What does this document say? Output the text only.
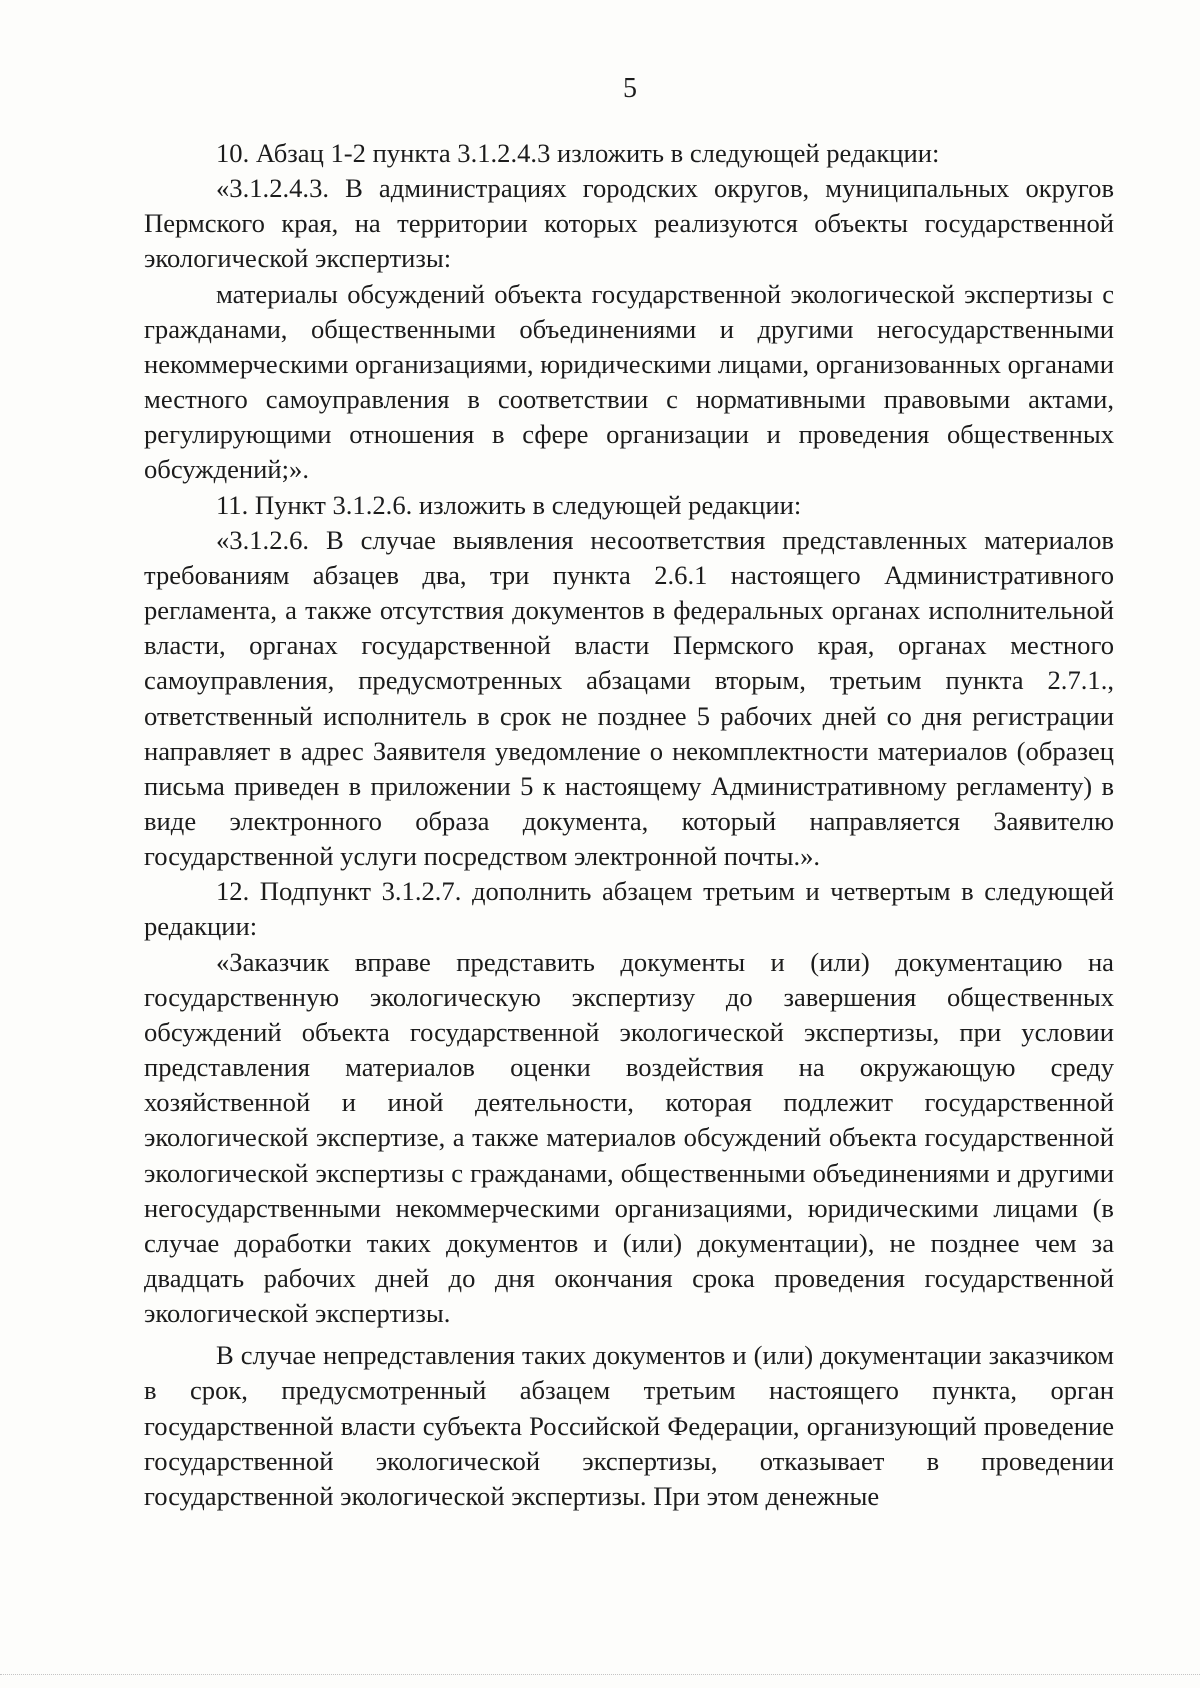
5

10. Абзац 1-2 пункта 3.1.2.4.3 изложить в следующей редакции:

«3.1.2.4.3. В администрациях городских округов, муниципальных округов Пермского края, на территории которых реализуются объекты государственной экологической экспертизы:

материалы обсуждений объекта государственной экологической экспертизы с гражданами, общественными объединениями и другими негосударственными некоммерческими организациями, юридическими лицами, организованных органами местного самоуправления в соответствии с нормативными правовыми актами, регулирующими отношения в сфере организации и проведения общественных обсуждений;».

11. Пункт 3.1.2.6. изложить в следующей редакции:

«3.1.2.6. В случае выявления несоответствия представленных материалов требованиям абзацев два, три пункта 2.6.1 настоящего Административного регламента, а также отсутствия документов в федеральных органах исполнительной власти, органах государственной власти Пермского края, органах местного самоуправления, предусмотренных абзацами вторым, третьим пункта 2.7.1., ответственный исполнитель в срок не позднее 5 рабочих дней со дня регистрации направляет в адрес Заявителя уведомление о некомплектности материалов (образец письма приведен в приложении 5 к настоящему Административному регламенту) в виде электронного образа документа, который направляется Заявителю государственной услуги посредством электронной почты.».

12. Подпункт 3.1.2.7. дополнить абзацем третьим и четвертым в следующей редакции:

«Заказчик вправе представить документы и (или) документацию на государственную экологическую экспертизу до завершения общественных обсуждений объекта государственной экологической экспертизы, при условии представления материалов оценки воздействия на окружающую среду хозяйственной и иной деятельности, которая подлежит государственной экологической экспертизе, а также материалов обсуждений объекта государственной экологической экспертизы с гражданами, общественными объединениями и другими негосударственными некоммерческими организациями, юридическими лицами (в случае доработки таких документов и (или) документации), не позднее чем за двадцать рабочих дней до дня окончания срока проведения государственной экологической экспертизы.

В случае непредставления таких документов и (или) документации заказчиком в срок, предусмотренный абзацем третьим настоящего пункта, орган государственной власти субъекта Российской Федерации, организующий проведение государственной экологической экспертизы, отказывает в проведении государственной экологической экспертизы. При этом денежные
